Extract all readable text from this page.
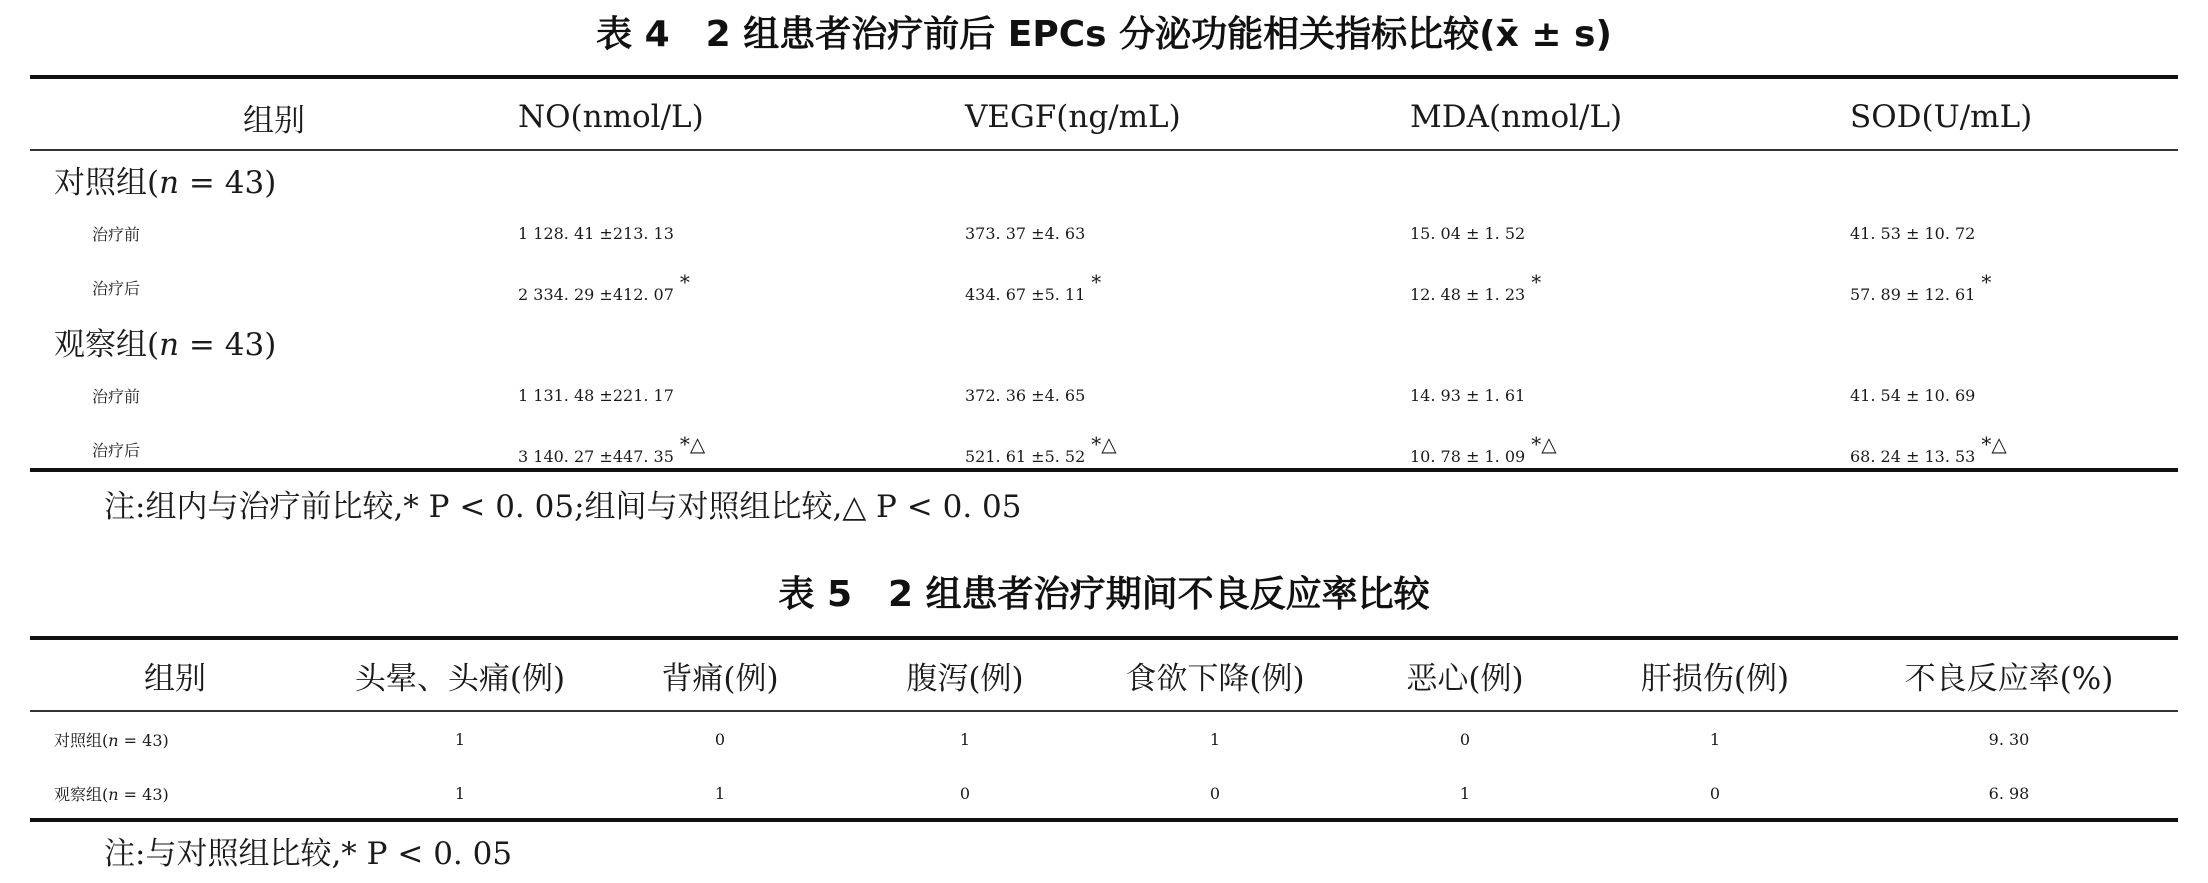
表 4　2 组患者治疗前后 EPCs 分泌功能相关指标比较(x̄ ± s)
组别	NO(nmol/L)	VEGF(ng/mL)	MDA(nmol/L)	SOD(U/mL)
对照组(n = 43)				
治疗前	1 128. 41 ±213. 13	373. 37 ±4. 63	15. 04 ± 1. 52	41. 53 ± 10. 72
治疗后	2 334. 29 ±412. 07*	434. 67 ±5. 11*	12. 48 ± 1. 23*	57. 89 ± 12. 61*
观察组(n = 43)				
治疗前	1 131. 48 ±221. 17	372. 36 ±4. 65	14. 93 ± 1. 61	41. 54 ± 10. 69
治疗后	3 140. 27 ±447. 35*△	521. 61 ±5. 52*△	10. 78 ± 1. 09*△	68. 24 ± 13. 53*△
注:组内与治疗前比较,* P < 0. 05;组间与对照组比较,△ P < 0. 05
表 5　2 组患者治疗期间不良反应率比较
组别	头晕、头痛(例)	背痛(例)	腹泻(例)	食欲下降(例)	恶心(例)	肝损伤(例)	不良反应率(%)
对照组(n = 43)	1	0	1	1	0	1	9. 30
观察组(n = 43)	1	1	0	0	1	0	6. 98
注:与对照组比较,* P < 0. 05
